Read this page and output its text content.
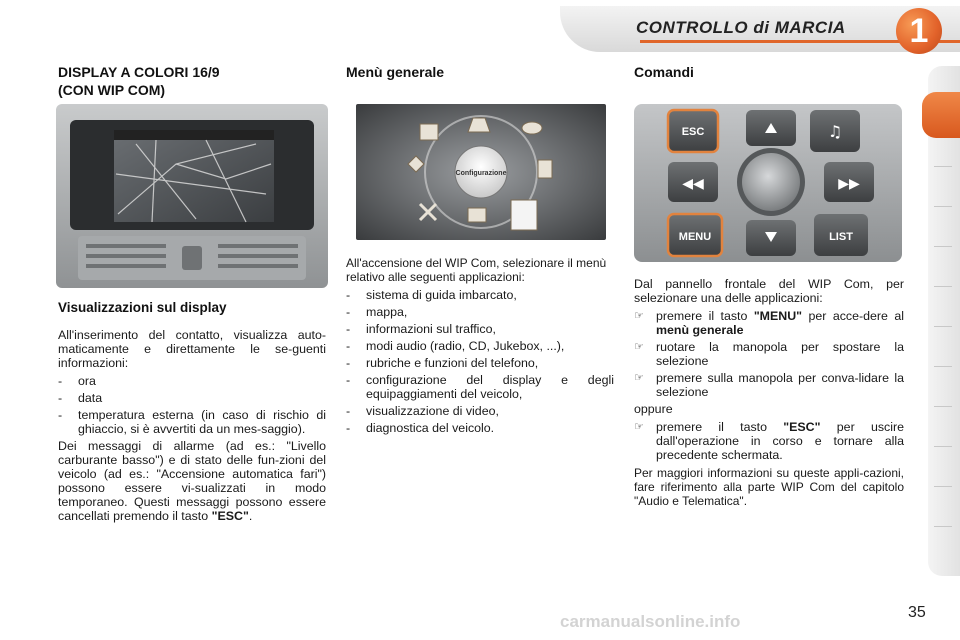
CONTROLLO di MARCIA	1
DISPLAY A COLORI 16/9
(CON WIP COM)
Visualizzazioni sul display

All'inserimento del contatto, visualizza auto-maticamente e direttamente le se-guenti informazioni:

-	ora
-	data
-	temperatura esterna (in caso di rischio di ghiaccio, si è avvertiti da un mes-saggio).

Dei messaggi di allarme (ad es.: "Livello carburante basso") e di stato delle fun-zioni del veicolo (ad es.: "Accensione automatica fari") possono essere vi-sualizzati in modo temporaneo. Questi messaggi possono essere cancellati premendo il tasto "ESC".

Menù generale
Configurazione

All'accensione del WIP Com, selezionare il menù relativo alle seguenti applicazioni:

-	sistema di guida imbarcato,
-	mappa,
-	informazioni sul traffico,
-	modi audio (radio, CD, Jukebox, ...),
-	rubriche e funzioni del telefono,
-	configurazione del display e degli equipaggiamenti del veicolo,
-	visualizzazione di video,
-	diagnostica del veicolo.
Comandi
ESC	♫
◀◀	▶▶
MENU	LIST

Dal pannello frontale del WIP Com, per selezionare una delle applicazioni:

☞ premere il tasto "MENU" per acce-dere al menù generale
☞ ruotare la manopola per spostare la selezione
☞ premere sulla manopola per conva-lidare la selezione

oppure

☞ premere il tasto "ESC" per uscire dall'operazione in corso e tornare alla precedente schermata.

Per maggiori informazioni su queste appli-cazioni, fare riferimento alla parte WIP Com del capitolo "Audio e Telematica".

35
carmanualsonline.info
